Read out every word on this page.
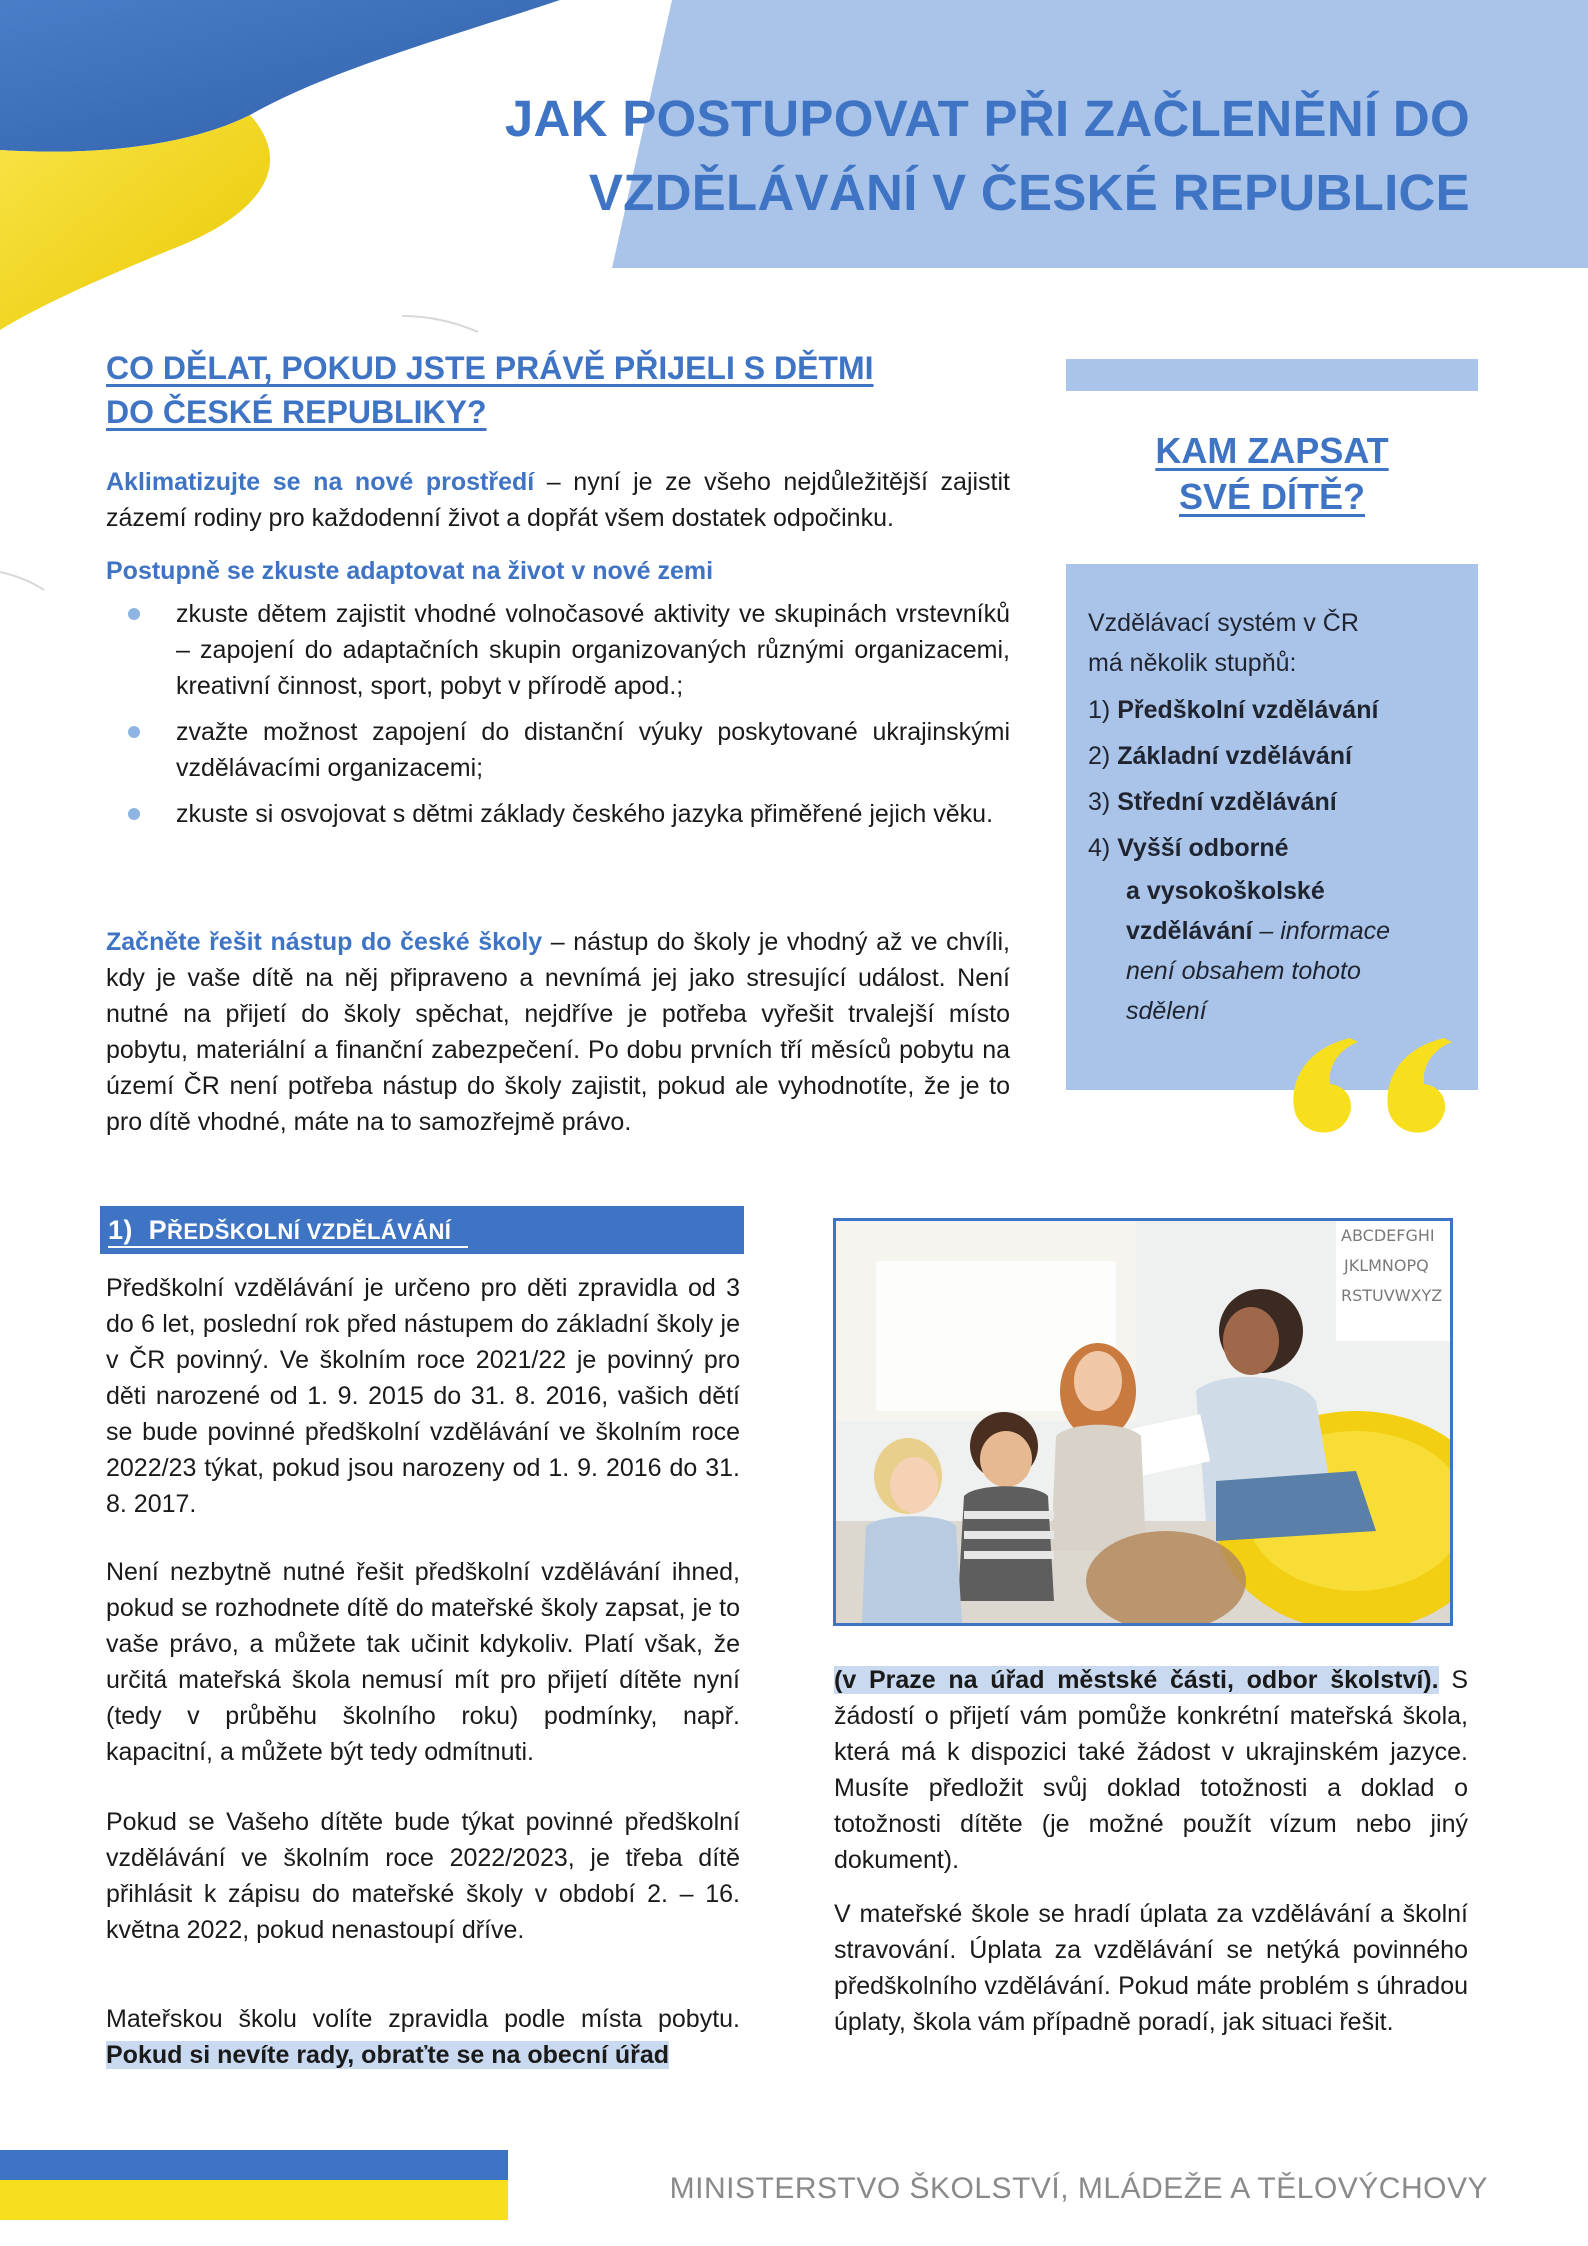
JAK POSTUPOVAT PŘI ZAČLENĚNÍ DO
VZDĚLÁVÁNÍ V ČESKÉ REPUBLICE
CO DĚLAT, POKUD JSTE PRÁVĚ PŘIJELI S DĚTMI
DO ČESKÉ REPUBLIKY?

Aklimatizujte se na nové prostředí – nyní je ze všeho nejdůležitější zajistit zázemí rodiny pro každodenní život a dopřát všem dostatek odpočinku.

Postupně se zkuste adaptovat na život v nové zemi
zkuste dětem zajistit vhodné volnočasové aktivity ve skupinách vrstevníků – zapojení do adaptačních skupin organizovaných různými organizacemi, kreativní činnost, sport, pobyt v přírodě apod.;
zvažte možnost zapojení do distanční výuky poskytované ukrajinskými vzdělávacími organizacemi;
zkuste si osvojovat s dětmi základy českého jazyka přiměřené jejich věku.

Začněte řešit nástup do české školy – nástup do školy je vhodný až ve chvíli, kdy je vaše dítě na něj připraveno a nevnímá jej jako stresující událost. Není nutné na přijetí do školy spěchat, nejdříve je potřeba vyřešit trvalejší místo pobytu, materiální a finanční zabezpečení. Po dobu prvních tří měsíců pobytu na území ČR není potřeba nástup do školy zajistit, pokud ale vyhodnotíte, že je to pro dítě vhodné, máte na to samozřejmě právo.

KAM ZAPSAT
SVÉ DÍTĚ?
Vzdělávací systém v ČR
má několik stupňů:
1) Předškolní vzdělávání
2) Základní vzdělávání
3) Střední vzdělávání
4) Vyšší odborné
a vysokoškolské
vzdělávání – informace
není obsahem tohoto
sdělení
1) PŘEDŠKOLNÍ VZDĚLÁVÁNÍ

Předškolní vzdělávání je určeno pro děti zpravidla od 3 do 6 let, poslední rok před nástupem do základní školy je v ČR povinný. Ve školním roce 2021/22 je povinný pro děti narozené od 1. 9. 2015 do 31. 8. 2016, vašich dětí se bude povinné předškolní vzdělávání ve školním roce 2022/23 týkat, pokud jsou narozeny od 1. 9. 2016 do 31. 8. 2017.

Není nezbytně nutné řešit předškolní vzdělávání ihned, pokud se rozhodnete dítě do mateřské školy zapsat, je to vaše právo, a můžete tak učinit kdykoliv. Platí však, že určitá mateřská škola nemusí mít pro přijetí dítěte nyní (tedy v průběhu školního roku) podmínky, např. kapacitní, a můžete být tedy odmítnuti.

Pokud se Vašeho dítěte bude týkat povinné předškolní vzdělávání ve školním roce 2022/2023, je třeba dítě přihlásit k zápisu do mateřské školy v období 2. – 16. května 2022, pokud nenastoupí dříve.

Mateřskou školu volíte zpravidla podle místa pobytu. Pokud si nevíte rady, obraťte se na obecní úřad

ABCDEFGHI
JKLMNOPQ
RSTUVWXYZ

(v Praze na úřad městské části, odbor školství). S žádostí o přijetí vám pomůže konkrétní mateřská škola, která má k dispozici také žádost v ukrajinském jazyce. Musíte předložit svůj doklad totožnosti a doklad o totožnosti dítěte (je možné použít vízum nebo jiný dokument).

V mateřské škole se hradí úplata za vzdělávání a školní stravování. Úplata za vzdělávání se netýká povinného předškolního vzdělávání. Pokud máte problém s úhradou úplaty, škola vám případně poradí, jak situaci řešit.

MINISTERSTVO ŠKOLSTVÍ, MLÁDEŽE A TĚLOVÝCHOVY
